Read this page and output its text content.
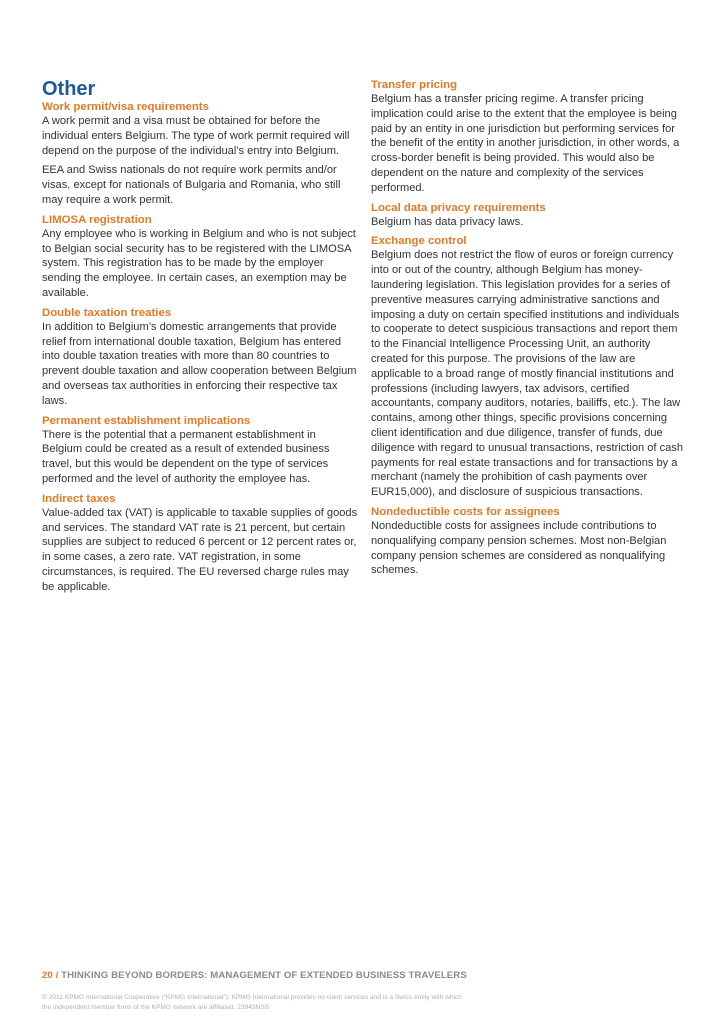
Other
Work permit/visa requirements

A work permit and a visa must be obtained for before the individual enters Belgium. The type of work permit required will depend on the purpose of the individual’s entry into Belgium.

EEA and Swiss nationals do not require work permits and/or visas, except for nationals of Bulgaria and Romania, who still may require a work permit.

LIMOSA registration

Any employee who is working in Belgium and who is not subject to Belgian social security has to be registered with the LIMOSA system. This registration has to be made by the employer sending the employee. In certain cases, an exemption may be available.

Double taxation treaties

In addition to Belgium’s domestic arrangements that provide relief from international double taxation, Belgium has entered into double taxation treaties with more than 80 countries to prevent double taxation and allow cooperation between Belgium and overseas tax authorities in enforcing their respective tax laws.

Permanent establishment implications

There is the potential that a permanent establishment in Belgium could be created as a result of extended business travel, but this would be dependent on the type of services performed and the level of authority the employee has.

Indirect taxes

Value-added tax (VAT) is applicable to taxable supplies of goods and services. The standard VAT rate is 21 percent, but certain supplies are subject to reduced 6 percent or 12 percent rates or, in some cases, a zero rate. VAT registration, in some circumstances, is required. The EU reversed charge rules may be applicable.

Transfer pricing

Belgium has a transfer pricing regime. A transfer pricing implication could arise to the extent that the employee is being paid by an entity in one jurisdiction but performing services for the benefit of the entity in another jurisdiction, in other words, a cross-border benefit is being provided. This would also be dependent on the nature and complexity of the services performed.

Local data privacy requirements

Belgium has data privacy laws.

Exchange control

Belgium does not restrict the flow of euros or foreign currency into or out of the country, although Belgium has money-laundering legislation. This legislation provides for a series of preventive measures carrying administrative sanctions and imposing a duty on certain specified institutions and individuals to cooperate to detect suspicious transactions and report them to the Financial Intelligence Processing Unit, an authority created for this purpose. The provisions of the law are applicable to a broad range of mostly financial institutions and professions (including lawyers, tax advisors, certified accountants, company auditors, notaries, bailiffs, etc.). The law contains, among other things, specific provisions concerning client identification and due diligence, transfer of funds, due diligence with regard to unusual transactions, restriction of cash payments for real estate transactions and for transactions by a merchant (namely the prohibition of cash payments over EUR15,000), and disclosure of suspicious transactions.

Nondeductible costs for assignees

Nondeductible costs for assignees include contributions to nonqualifying company pension schemes. Most non-Belgian company pension schemes are considered as nonqualifying schemes.

20 / THINKING BEYOND BORDERS: MANAGEMENT OF EXTENDED BUSINESS TRAVELERS
© 2011 KPMG International Cooperative (“KPMG International”). KPMG International provides no client services and is a Swiss entity with which the independent member firms of the KPMG network are affiliated. 23943NSS
